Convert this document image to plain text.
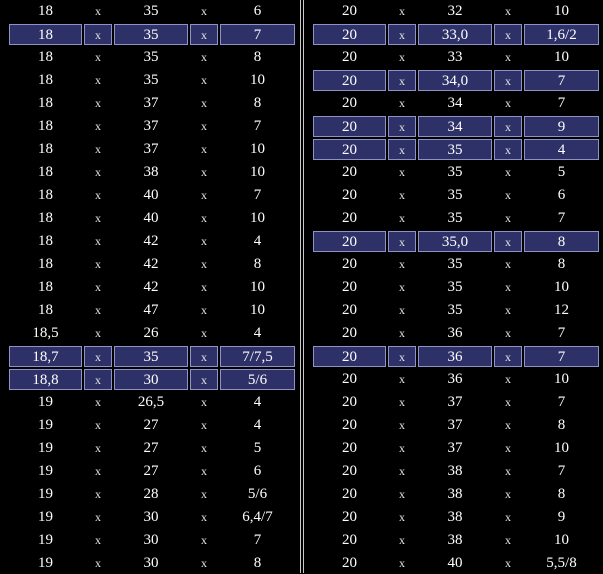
18	x	35	x	6
18	x	35	x	7
18	x	35	x	8
18	x	35	x	10
18	x	37	x	8
18	x	37	x	7
18	x	37	x	10
18	x	38	x	10
18	x	40	x	7
18	x	40	x	10
18	x	42	x	4
18	x	42	x	8
18	x	42	x	10
18	x	47	x	10
18,5	x	26	x	4
18,7	x	35	x	7/7,5
18,8	x	30	x	5/6
19	x	26,5	x	4
19	x	27	x	4
19	x	27	x	5
19	x	27	x	6
19	x	28	x	5/6
19	x	30	x	6,4/7
19	x	30	x	7
19	x	30	x	8
20	x	32	x	10
20	x	33,0	x	1,6/2
20	x	33	x	10
20	x	34,0	x	7
20	x	34	x	7
20	x	34	x	9
20	x	35	x	4
20	x	35	x	5
20	x	35	x	6
20	x	35	x	7
20	x	35,0	x	8
20	x	35	x	8
20	x	35	x	10
20	x	35	x	12
20	x	36	x	7
20	x	36	x	7
20	x	36	x	10
20	x	37	x	7
20	x	37	x	8
20	x	37	x	10
20	x	38	x	7
20	x	38	x	8
20	x	38	x	9
20	x	38	x	10
20	x	40	x	5,5/8
